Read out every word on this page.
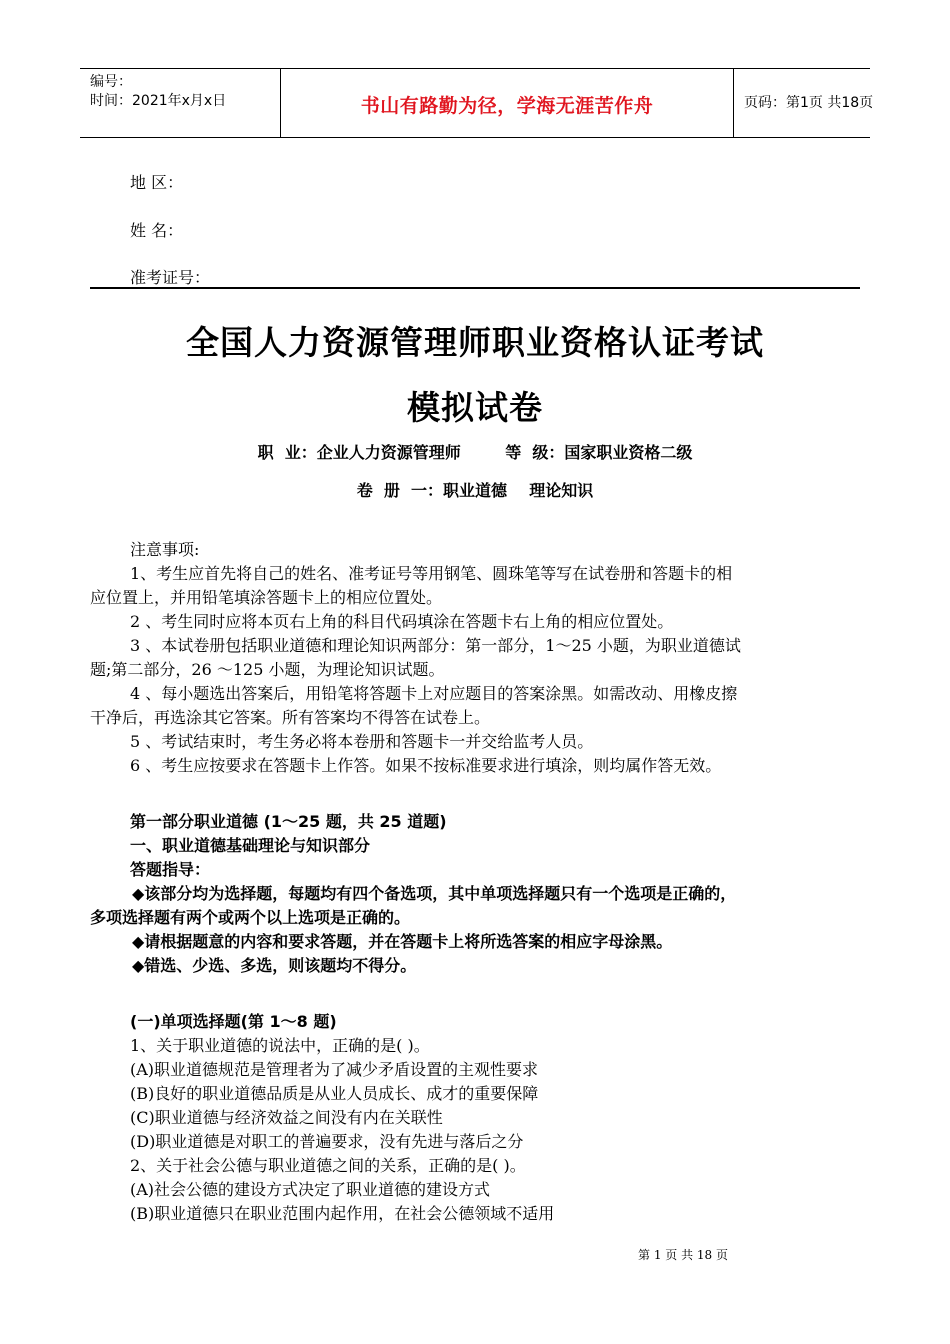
编号：
时间：2021年x月x日	书山有路勤为径，学海无涯苦作舟	页码：第1页 共18页
地 区：
姓 名：
准考证号：
全国人力资源管理师职业资格认证考试
模拟试卷
职  业：企业人力资源管理师        等  级：国家职业资格二级
卷  册  一：职业道德    理论知识
注意事项:
1、考生应首先将自己的姓名、准考证号等用钢笔、圆珠笔等写在试卷册和答题卡的相
应位置上，并用铅笔填涂答题卡上的相应位置处。
2 、考生同时应将本页右上角的科目代码填涂在答题卡右上角的相应位置处。
3 、本试卷册包括职业道德和理论知识两部分：第一部分，1～25 小题，为职业道德试
题;第二部分，26 ～125 小题，为理论知识试题。
4 、每小题选出答案后，用铅笔将答题卡上对应题目的答案涂黑。如需改动、用橡皮擦
干净后，再选涂其它答案。所有答案均不得答在试卷上。
5 、考试结束时，考生务必将本卷册和答题卡一并交给监考人员。
6 、考生应按要求在答题卡上作答。如果不按标准要求进行填涂，则均属作答无效。
第一部分职业道德 (1～25 题，共 25 道题)
一、职业道德基础理论与知识部分
答题指导：
◆该部分均为选择题，每题均有四个备选项，其中单项选择题只有一个选项是正确的，
多项选择题有两个或两个以上选项是正确的。
◆请根据题意的内容和要求答题，并在答题卡上将所选答案的相应字母涂黑。
◆错选、少选、多选，则该题均不得分。
(一)单项选择题(第 1～8 题)
1、关于职业道德的说法中，正确的是( )。
(A)职业道德规范是管理者为了减少矛盾设置的主观性要求
(B)良好的职业道德品质是从业人员成长、成才的重要保障
(C)职业道德与经济效益之间没有内在关联性
(D)职业道德是对职工的普遍要求，没有先进与落后之分
2、关于社会公德与职业道德之间的关系，正确的是( )。
(A)社会公德的建设方式决定了职业道德的建设方式
(B)职业道德只在职业范围内起作用，在社会公德领域不适用
第 1 页 共 18 页
